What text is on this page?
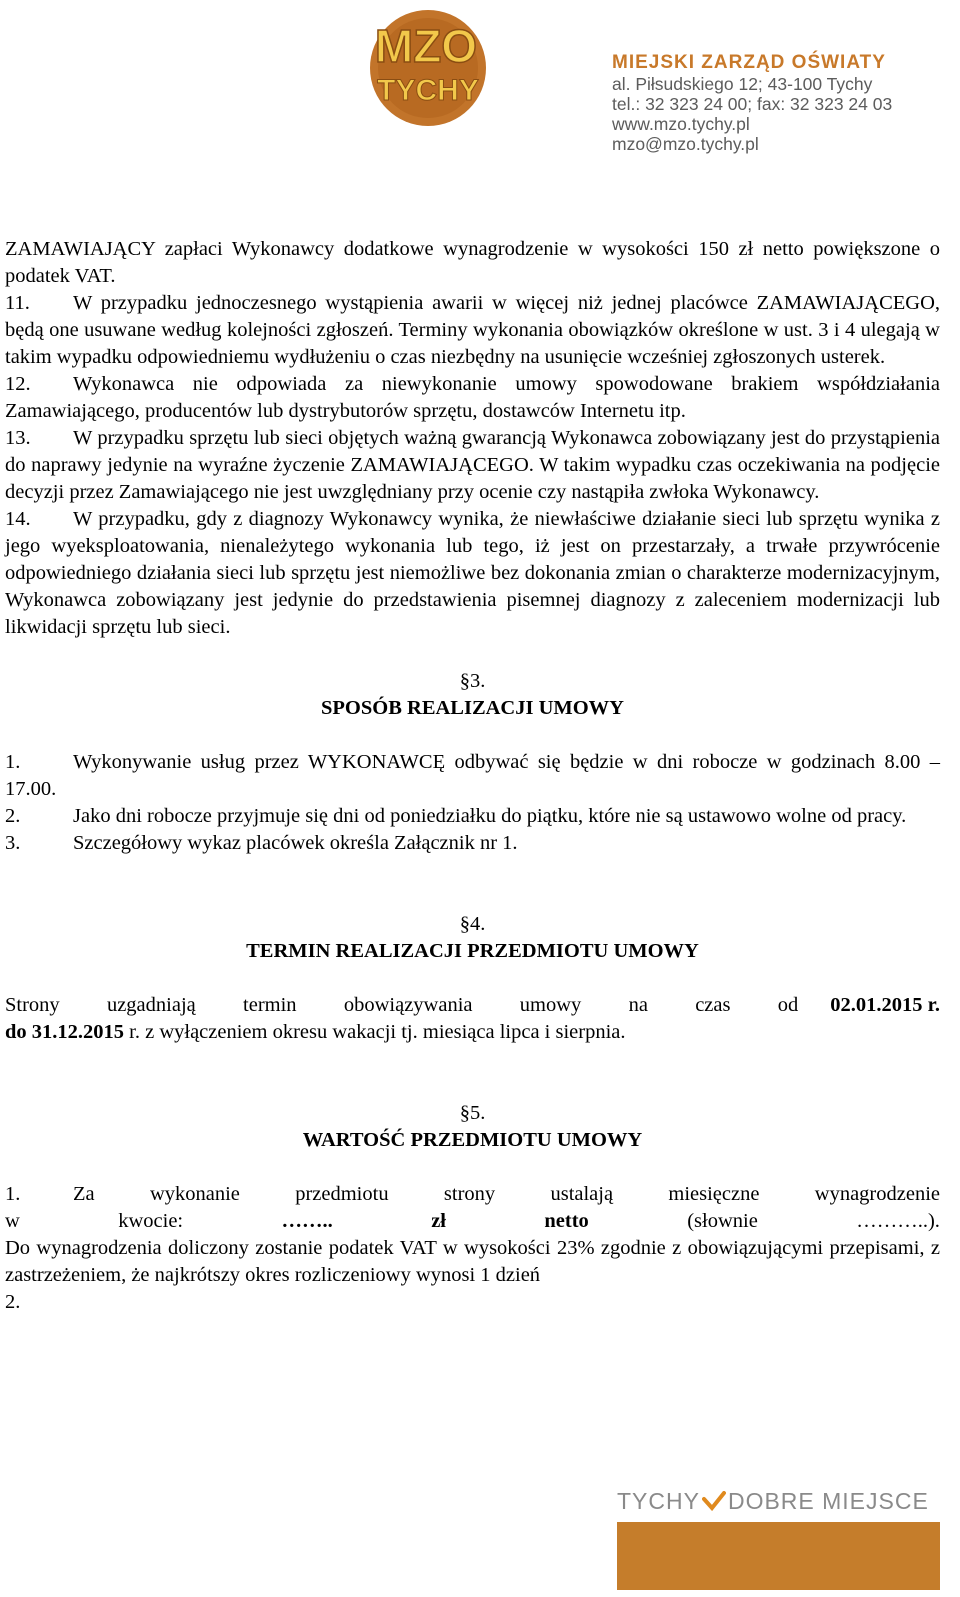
MZO
TYCHY
MIEJSKI ZARZĄD OŚWIATY
al. Piłsudskiego 12; 43-100 Tychy
tel.: 32 323 24 00; fax: 32 323 24 03
www.mzo.tychy.pl
mzo@mzo.tychy.pl

ZAMAWIAJĄCY zapłaci Wykonawcy dodatkowe wynagrodzenie w wysokości 150 zł netto powiększone o podatek VAT.

11. W przypadku jednoczesnego wystąpienia awarii w więcej niż jednej placówce ZAMAWIAJĄCEGO, będą one usuwane według kolejności zgłoszeń. Terminy wykonania obowiązków określone w ust. 3 i 4 ulegają w takim wypadku odpowiedniemu wydłużeniu o czas niezbędny na usunięcie wcześniej zgłoszonych usterek.

12. Wykonawca nie odpowiada za niewykonanie umowy spowodowane brakiem współdziałania Zamawiającego, producentów lub dystrybutorów sprzętu, dostawców Internetu itp.

13. W przypadku sprzętu lub sieci objętych ważną gwarancją Wykonawca zobowiązany jest do przystąpienia do naprawy jedynie na wyraźne życzenie ZAMAWIAJĄCEGO. W takim wypadku czas oczekiwania na podjęcie decyzji przez Zamawiającego nie jest uwzględniany przy ocenie czy nastąpiła zwłoka Wykonawcy.

14. W przypadku, gdy z diagnozy Wykonawcy wynika, że niewłaściwe działanie sieci lub sprzętu wynika z jego wyeksploatowania, nienależytego wykonania lub tego, iż jest on przestarzały, a trwałe przywrócenie odpowiedniego działania sieci lub sprzętu jest niemożliwe bez dokonania zmian o charakterze modernizacyjnym, Wykonawca zobowiązany jest jedynie do przedstawienia pisemnej diagnozy z zaleceniem modernizacji lub likwidacji sprzętu lub sieci.

§3.

SPOSÓB REALIZACJI UMOWY

1.	Wykonywanie usług przez WYKONAWCĘ odbywać się będzie w dni robocze w godzinach 8.00 – 17.00.

2.	Jako dni robocze przyjmuje się dni od poniedziałku do piątku, które nie są ustawowo wolne od pracy.

3.	Szczegółowy wykaz placówek określa Załącznik nr 1.

§4.

TERMIN REALIZACJI PRZEDMIOTU UMOWY

Strony uzgadniają termin obowiązywania umowy na czas od 02.01.2015 r.

do 31.12.2015 r. z wyłączeniem okresu wakacji tj. miesiąca lipca i sierpnia.

§5.

WARTOŚĆ PRZEDMIOTU UMOWY

1.	Za wykonanie przedmiotu strony ustalają miesięczne wynagrodzenie

w	kwocie:	……..	zł	netto	(słownie	………..).

Do wynagrodzenia doliczony zostanie podatek VAT w wysokości 23% zgodnie z obowiązującymi przepisami, z zastrzeżeniem, że najkrótszy okres rozliczeniowy wynosi 1 dzień

2.

TYCHY DOBRE MIEJSCE
